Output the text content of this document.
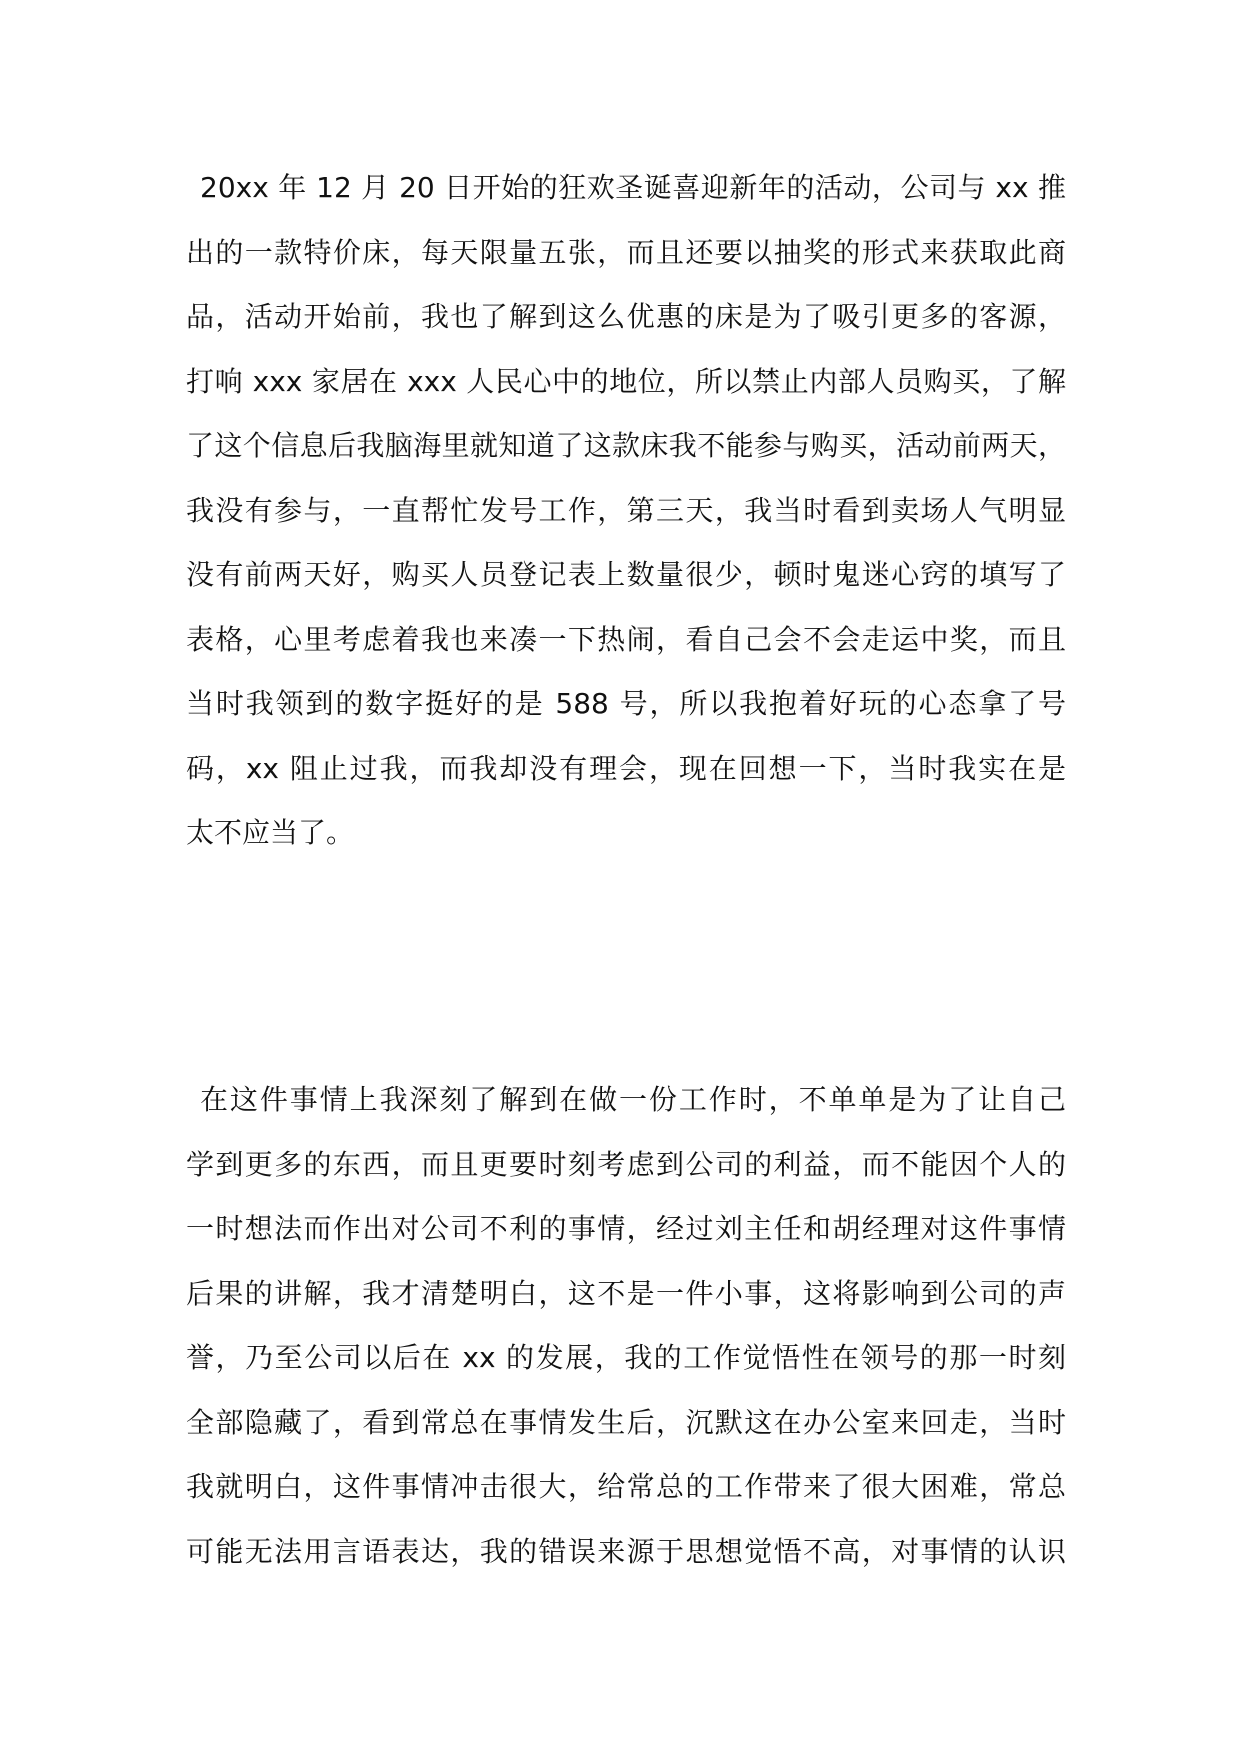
20xx 年 12 月 20 日开始的狂欢圣诞喜迎新年的活动，公司与 xx 推
出的一款特价床，每天限量五张，而且还要以抽奖的形式来获取此商
品，活动开始前，我也了解到这么优惠的床是为了吸引更多的客源，
打响 xxx 家居在 xxx 人民心中的地位，所以禁止内部人员购买，了解
了这个信息后我脑海里就知道了这款床我不能参与购买，活动前两天，
我没有参与，一直帮忙发号工作，第三天，我当时看到卖场人气明显
没有前两天好，购买人员登记表上数量很少，顿时鬼迷心窍的填写了
表格，心里考虑着我也来凑一下热闹，看自己会不会走运中奖，而且
当时我领到的数字挺好的是 588 号，所以我抱着好玩的心态拿了号
码，xx 阻止过我，而我却没有理会，现在回想一下，当时我实在是
太不应当了。
在这件事情上我深刻了解到在做一份工作时，不单单是为了让自己
学到更多的东西，而且更要时刻考虑到公司的利益，而不能因个人的
一时想法而作出对公司不利的事情，经过刘主任和胡经理对这件事情
后果的讲解，我才清楚明白，这不是一件小事，这将影响到公司的声
誉，乃至公司以后在 xx 的发展，我的工作觉悟性在领号的那一时刻
全部隐藏了，看到常总在事情发生后，沉默这在办公室来回走，当时
我就明白，这件事情冲击很大，给常总的工作带来了很大困难，常总
可能无法用言语表达，我的错误来源于思想觉悟不高，对事情的认识
